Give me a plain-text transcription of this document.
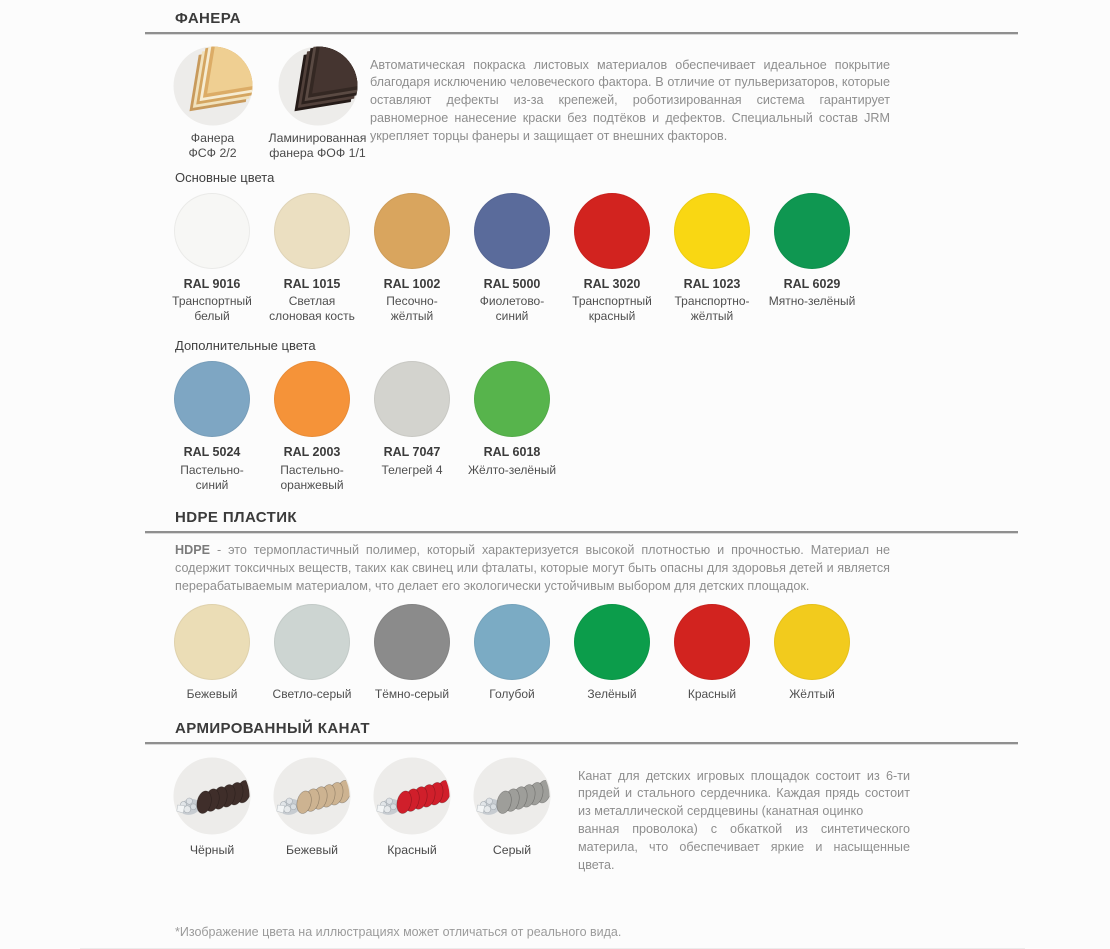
ФАНЕРА
Фанера
ФСФ 2/2
Ламинированная
фанера ФОФ 1/1

Автоматическая покраска листовых материалов обеспечивает идеальное покрытие благодаря исключению человеческого фактора. В отличие от пульверизаторов, которые оставляют дефекты из-за крепежей, роботизированная система гарантирует равномерное нанесение краски без подтёков и дефектов. Специальный состав JRM укрепляет торцы фанеры и защищает от внешних факторов.

Основные цвета
RAL 9016
Транспортный белый
RAL 1015
Светлая слоновая кость
RAL 1002
Песочно-жёлтый
RAL 5000
Фиолетово-синий
RAL 3020
Транспортный красный
RAL 1023
Транспортно-жёлтый
RAL 6029
Мятно-зелёный
Дополнительные цвета
RAL 5024
Пастельно-синий
RAL 2003
Пастельно-оранжевый
RAL 7047
Телегрей 4
RAL 6018
Жёлто-зелёный
HDPE ПЛАСТИК

HDPE - это термопластичный полимер, который характеризуется высокой плотностью и прочностью. Материал не содержит токсичных веществ, таких как свинец или фталаты, которые могут быть опасны для здоровья детей и является перерабатываемым материалом, что делает его экологически устойчивым выбором для детских площадок.

Бежевый	Светло-серый	Тёмно-серый	Голубой	Зелёный	Красный	Жёлтый
АРМИРОВАННЫЙ КАНАТ
Чёрный	Бежевый	Красный	Серый

Канат для детских игровых площадок состоит из 6-ти прядей и стального сердечника. Каждая прядь состоит из металлической сердцевины (канатная оцинко
ванная проволока) с обкаткой из синтетического материла, что обеспечивает яркие и насыщенные цвета.

*Изображение цвета на иллюстрациях может отличаться от реального вида.
